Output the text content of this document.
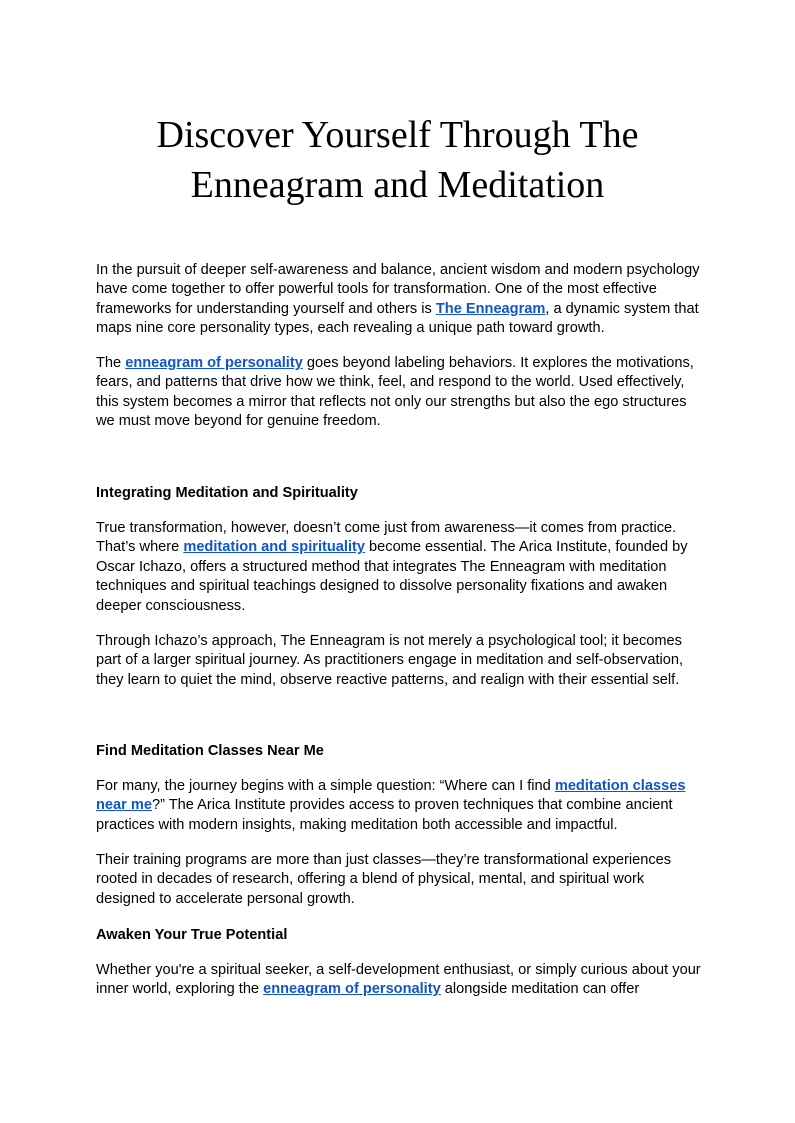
Discover Yourself Through The
Enneagram and Meditation

In the pursuit of deeper self-awareness and balance, ancient wisdom and modern psychology have come together to offer powerful tools for transformation. One of the most effective frameworks for understanding yourself and others is The Enneagram, a dynamic system that maps nine core personality types, each revealing a unique path toward growth.

The enneagram of personality goes beyond labeling behaviors. It explores the motivations, fears, and patterns that drive how we think, feel, and respond to the world. Used effectively, this system becomes a mirror that reflects not only our strengths but also the ego structures we must move beyond for genuine freedom.

Integrating Meditation and Spirituality

True transformation, however, doesn’t come just from awareness—it comes from practice. That’s where meditation and spirituality become essential. The Arica Institute, founded by Oscar Ichazo, offers a structured method that integrates The Enneagram with meditation techniques and spiritual teachings designed to dissolve personality fixations and awaken deeper consciousness.

Through Ichazo’s approach, The Enneagram is not merely a psychological tool; it becomes part of a larger spiritual journey. As practitioners engage in meditation and self-observation, they learn to quiet the mind, observe reactive patterns, and realign with their essential self.

Find Meditation Classes Near Me

For many, the journey begins with a simple question: “Where can I find meditation classes near me?” The Arica Institute provides access to proven techniques that combine ancient practices with modern insights, making meditation both accessible and impactful.

Their training programs are more than just classes—they’re transformational experiences rooted in decades of research, offering a blend of physical, mental, and spiritual work designed to accelerate personal growth.

Awaken Your True Potential

Whether you're a spiritual seeker, a self-development enthusiast, or simply curious about your inner world, exploring the enneagram of personality alongside meditation can offer
